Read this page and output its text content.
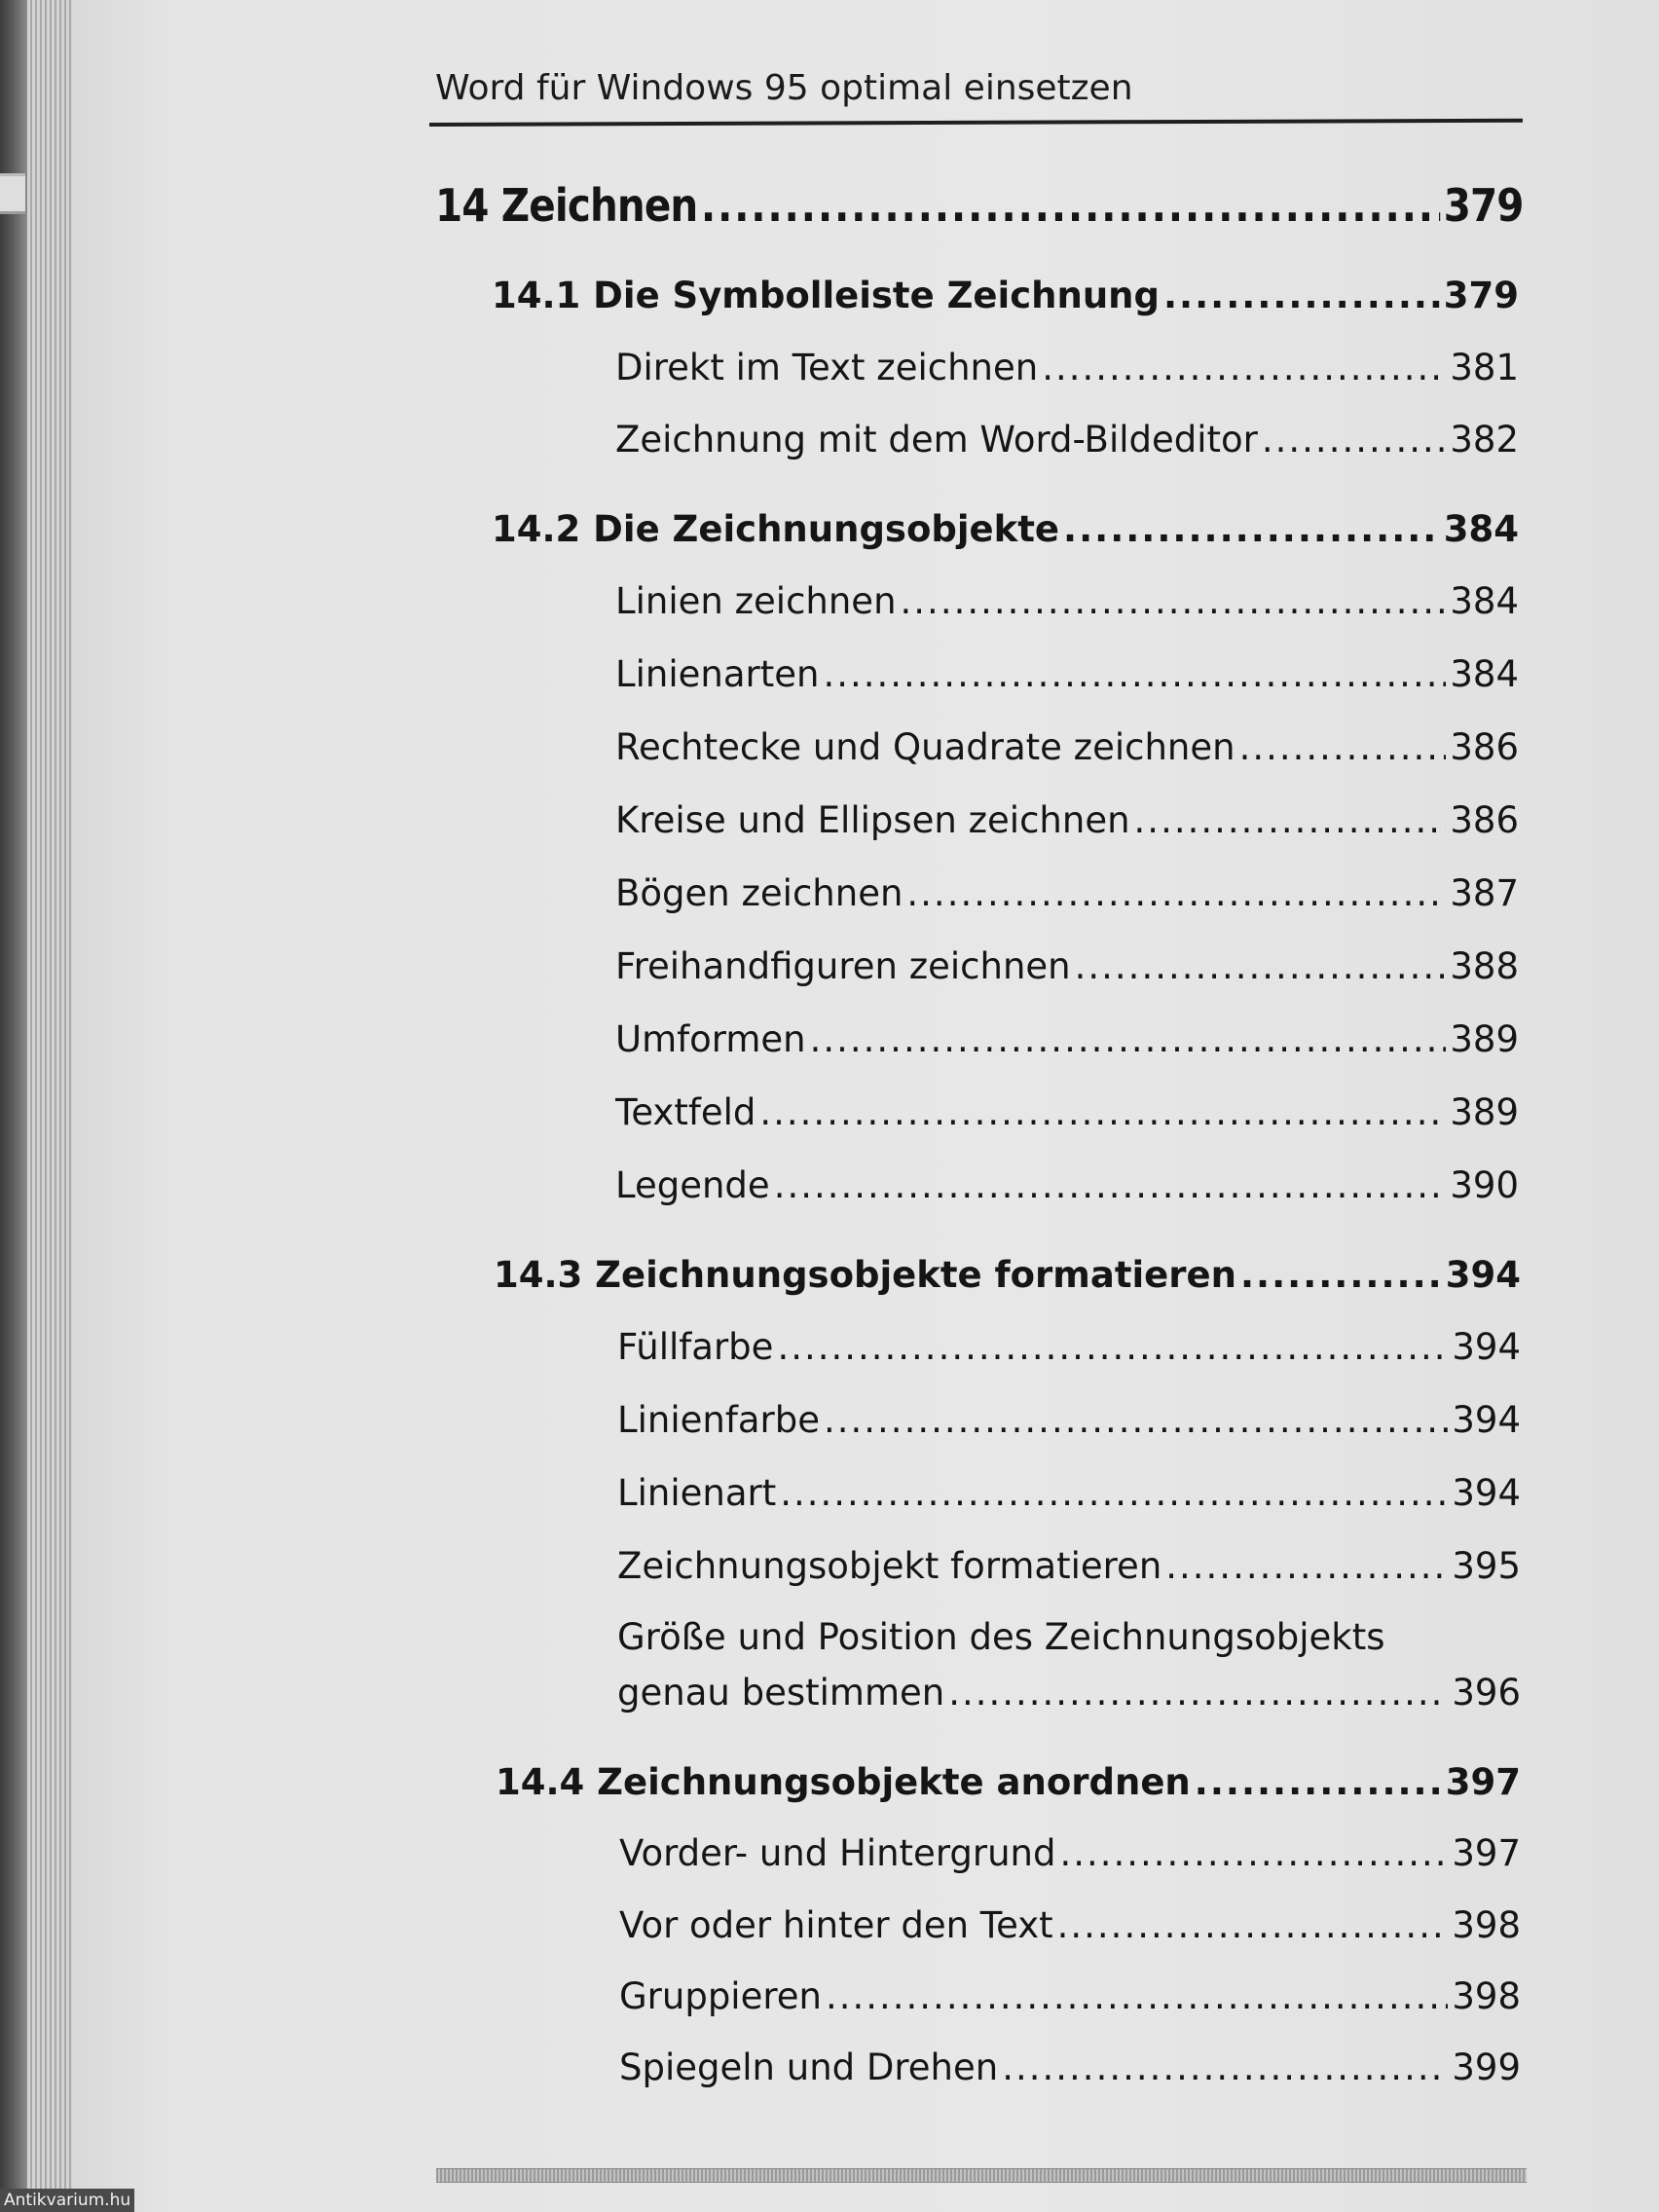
Word für Windows 95 optimal einsetzen
14 Zeichnen .....	379
14.1 Die Symbolleiste Zeichnung .....	379
Direkt im Text zeichnen .....	381
Zeichnung mit dem Word-Bildeditor .....	382
14.2 Die Zeichnungsobjekte .....	384
Linien zeichnen .....	384
Linienarten .....	384
Rechtecke und Quadrate zeichnen .....	386
Kreise und Ellipsen zeichnen .....	386
Bögen zeichnen .....	387
Freihandfiguren zeichnen .....	388
Umformen .....	389
Textfeld .....	389
Legende .....	390
14.3 Zeichnungsobjekte formatieren .....	394
Füllfarbe .....	394
Linienfarbe .....	394
Linienart .....	394
Zeichnungsobjekt formatieren .....	395
Größe und Position des Zeichnungsobjekts
genau bestimmen .....	396
14.4 Zeichnungsobjekte anordnen .....	397
Vorder- und Hintergrund .....	397
Vor oder hinter den Text .....	398
Gruppieren .....	398
Spiegeln und Drehen .....	399
Antikvarium.hu
